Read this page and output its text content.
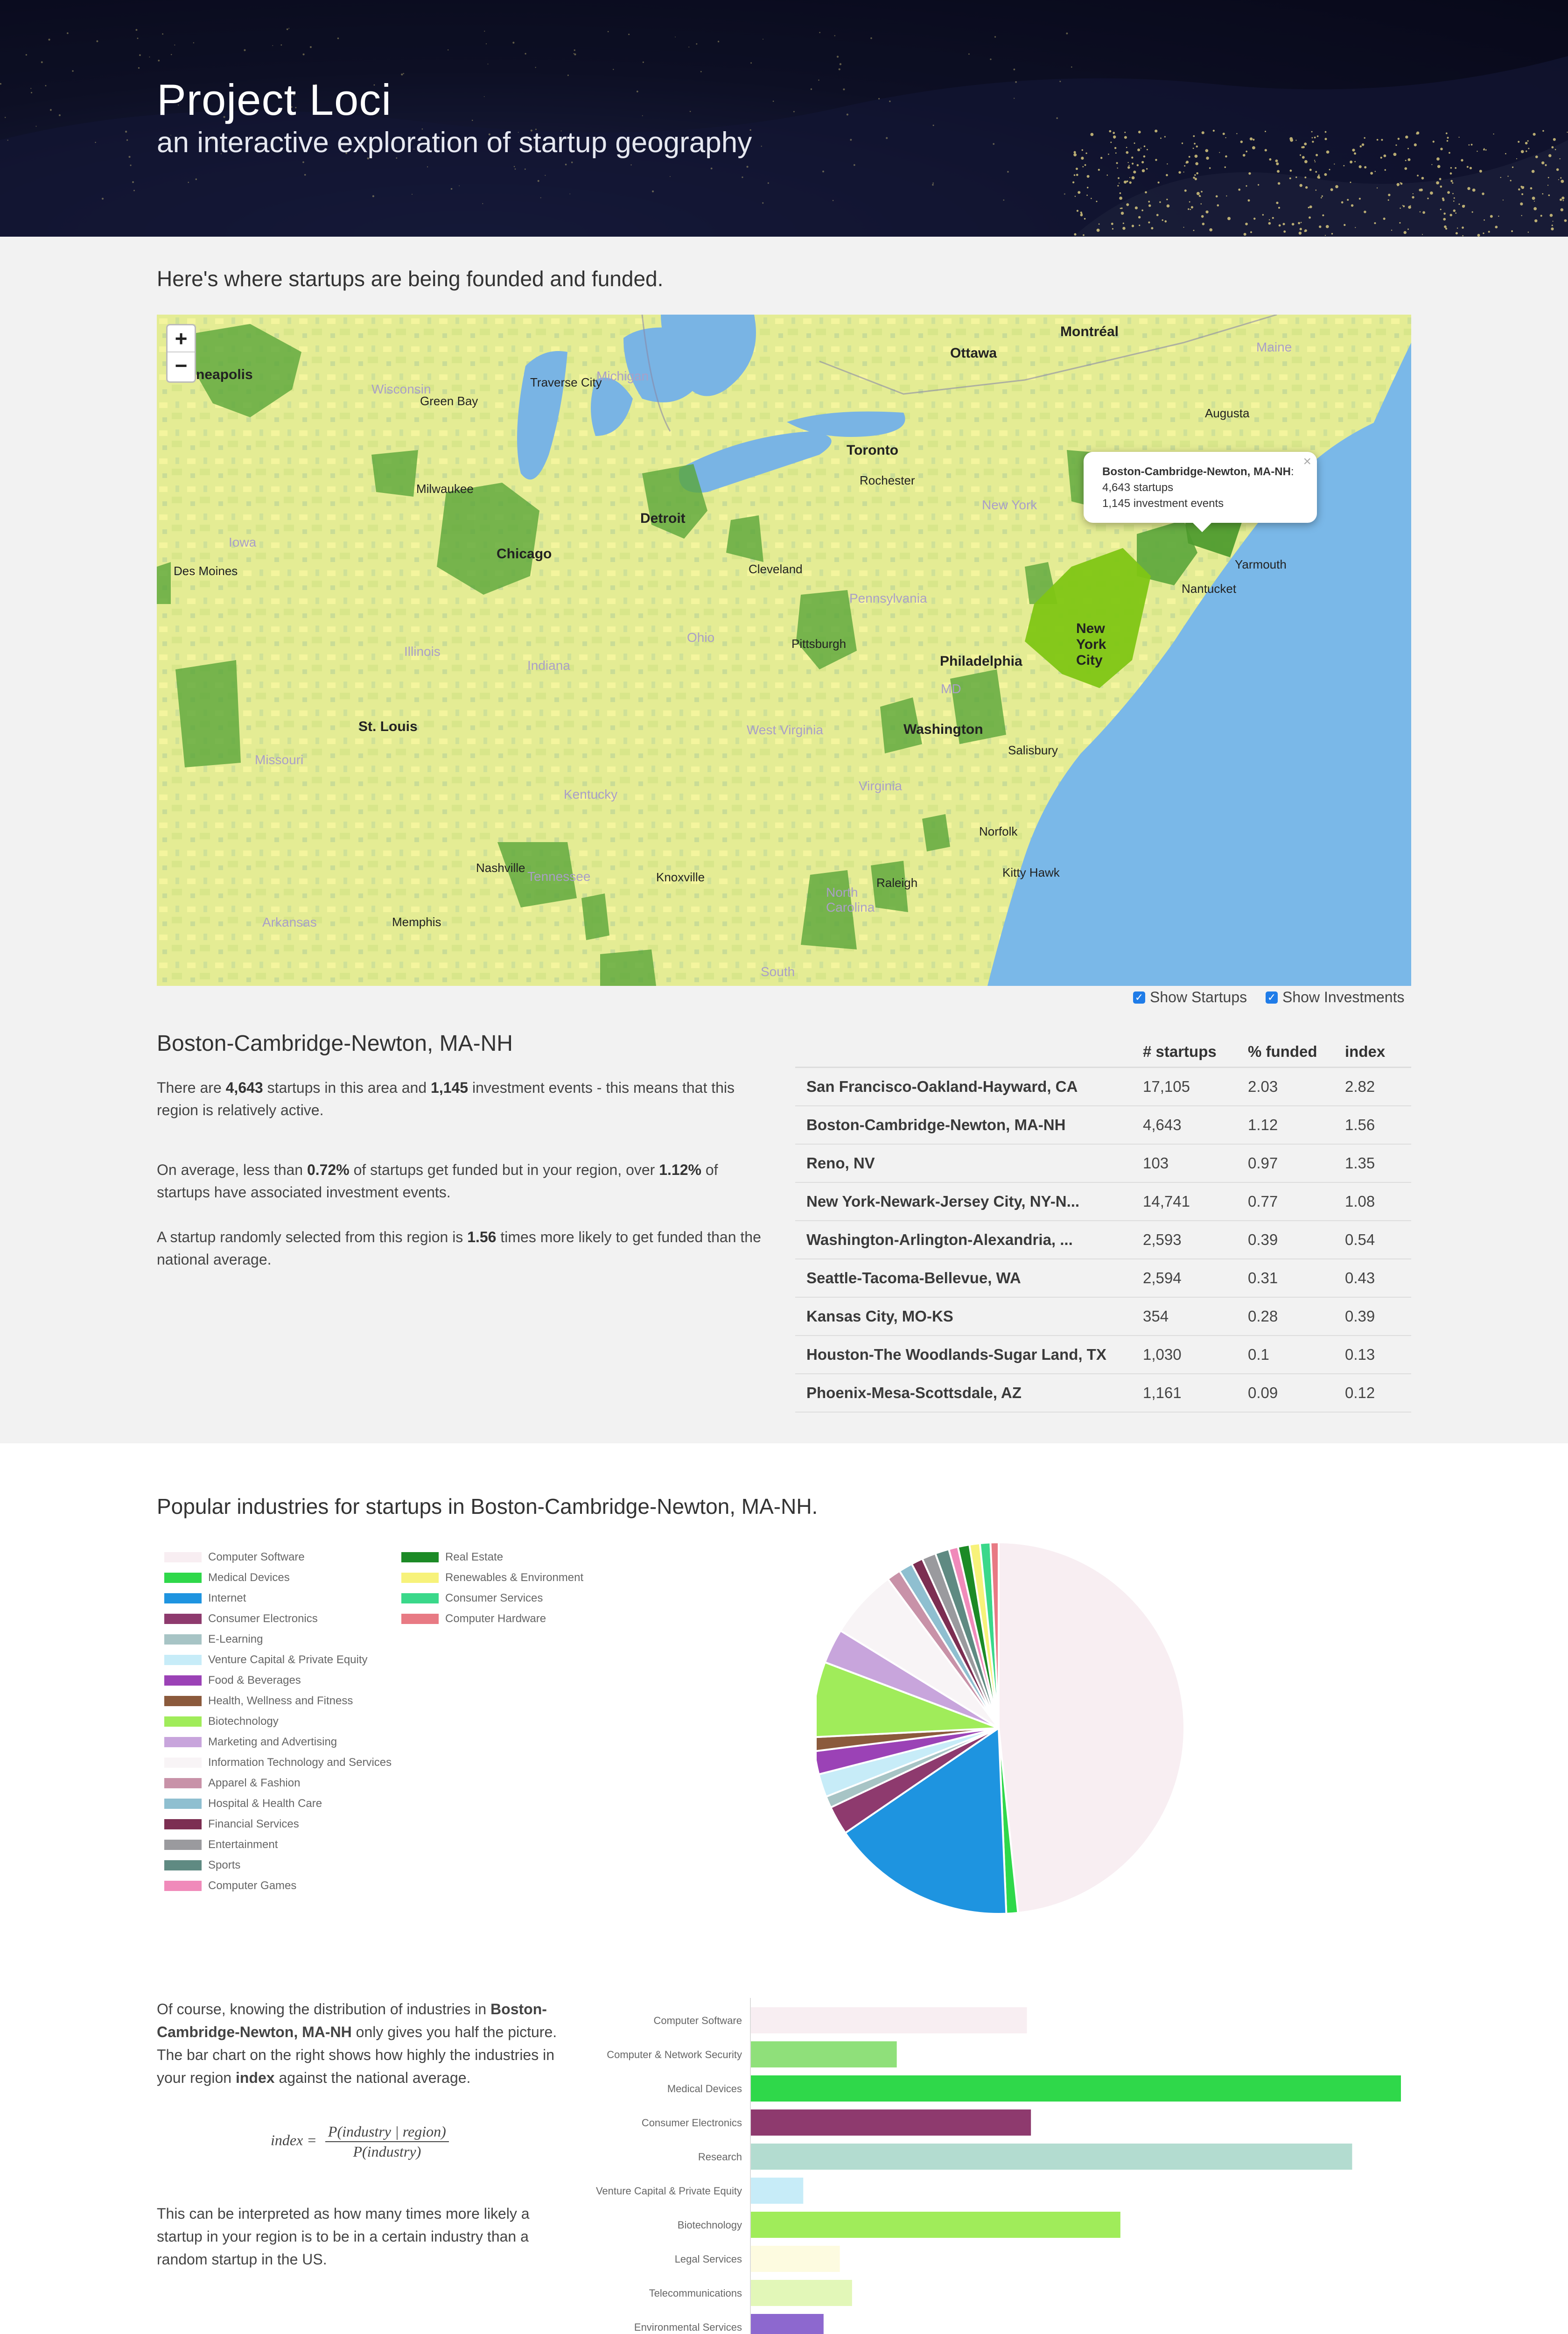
Project Loci
an interactive exploration of startup geography
Here's where startups are being founded and funded.
Ottawa
Montréal
Augusta
Toronto
Rochester
Green Bay
Traverse City
Milwaukee
Chicago
Detroit
Cleveland
Des Moines
Pittsburgh
Philadelphia
New York City
Yarmouth
Nantucket
Washington
Salisbury
St. Louis
Norfolk
Kitty Hawk
Nashville
Knoxville	Raleigh
Memphis
neapolis
Maine
Michigan
Wisconsin
Iowa
Illinois
Indiana
Ohio
Pennsylvania
New York
West Virginia
Missouri
Kentucky
Tennessee
Arkansas
North Carolina
South
Virginia
MD
+
−
×
Boston-Cambridge-Newton, MA-NH:
4,643 startups
1,145 investment events
✓ Show Startups ✓ Show Investments
Boston-Cambridge-Newton, MA-NH
There are 4,643 startups in this area and 1,145 investment events - this means that this region is relatively active.
On average, less than 0.72% of startups get funded but in your region, over 1.12% of startups have associated investment events.
A startup randomly selected from this region is 1.56 times more likely to get funded than the national average.
# startups	% funded	index
San Francisco-Oakland-Hayward, CA	17,105	2.03	2.82
Boston-Cambridge-Newton, MA-NH	4,643	1.12	1.56
Reno, NV	103	0.97	1.35
New York-Newark-Jersey City, NY-N...	14,741	0.77	1.08
Washington-Arlington-Alexandria, ...	2,593	0.39	0.54
Seattle-Tacoma-Bellevue, WA	2,594	0.31	0.43
Kansas City, MO-KS	354	0.28	0.39
Houston-The Woodlands-Sugar Land, TX	1,030	0.1	0.13
Phoenix-Mesa-Scottsdale, AZ	1,161	0.09	0.12
Popular industries for startups in Boston-Cambridge-Newton, MA-NH.
Computer Software
Medical Devices
Internet
Consumer Electronics
E-Learning
Venture Capital & Private Equity
Food & Beverages
Health, Wellness and Fitness
Biotechnology
Marketing and Advertising
Information Technology and Services
Apparel & Fashion
Hospital & Health Care
Financial Services
Entertainment
Sports
Computer Games
Real Estate
Renewables & Environment
Consumer Services
Computer Hardware
Of course, knowing the distribution of industries in Boston-Cambridge-Newton, MA-NH only gives you half the picture. The bar chart on the right shows how highly the industries in your region index against the national average.
index = $\frac{\text{P(industry | region)}}{\text{P(industry)}}$
This can be interpreted as how many times more likely a startup in your region is to be in a certain industry than a random startup in the US.
Computer Software
Computer & Network Security
Medical Devices
Consumer Electronics
Research
Venture Capital & Private Equity
Biotechnology
Legal Services
Telecommunications
Environmental Services
